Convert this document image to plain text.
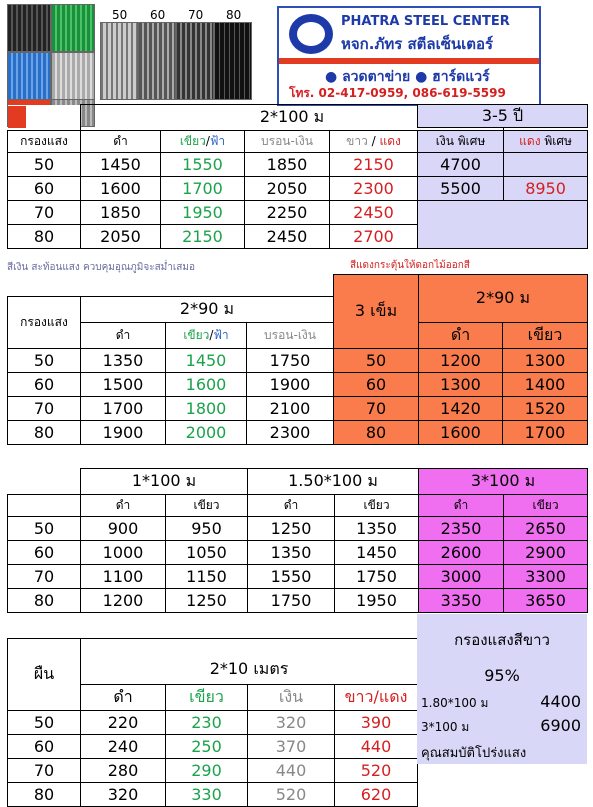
50 60 70 80	PHATRA STEEL CENTER
หจก.ภัทร สตีลเซ็นเตอร์
● ลวดตาข่าย ● ฮาร์ดแวร์
โทร. 02-417-0959, 086-619-5599
	2*100 ม				
กรองแสง	ดำ	เขียว/ฟ้า	บรอน-เงิน	ขาว / แดง	เงิน พิเศษ	แดง พิเศษ
50	1450	1550	1850	2150	4700	
60	1600	1700	2050	2300	5500	8950
70	1850	1950	2250	2450		
80	2050	2150	2450	2700		
3-5 ปี
สีเงิน สะท้อนแสง ควบคุมอุณภูมิจะสม่ำเสมอ	สีแดงกระตุ้นให้ดอกไม้ออกสี
				3 เข็ม	2*90 ม	
กรองแสง	2*90 ม					
	ดำ	เขียว/ฟ้า	บรอน-เงิน		ดำ	เขียว
50	1350	1450	1750	50	1200	1300
60	1500	1600	1900	60	1300	1400
70	1700	1800	2100	70	1420	1520
80	1900	2000	2300	80	1600	1700
	1*100 ม		1.50*100 ม		3*100 ม	
	ดำ	เขียว	ดำ	เขียว	ดำ	เขียว
50	900	950	1250	1350	2350	2650
60	1000	1050	1350	1450	2600	2900
70	1100	1150	1550	1750	3000	3300
80	1200	1250	1750	1950	3350	3650
ผืน	2*10 เมตร			
	ดำ	เขียว	เงิน	ขาว/แดง
50	220	230	320	390
60	240	250	370	440
70	280	290	440	520
80	320	330	520	620
กรองแสงสีขาว
95%
1.80*100 ม	4400
3*100 ม	6900
คุณสมบัติโปร่งแสง
